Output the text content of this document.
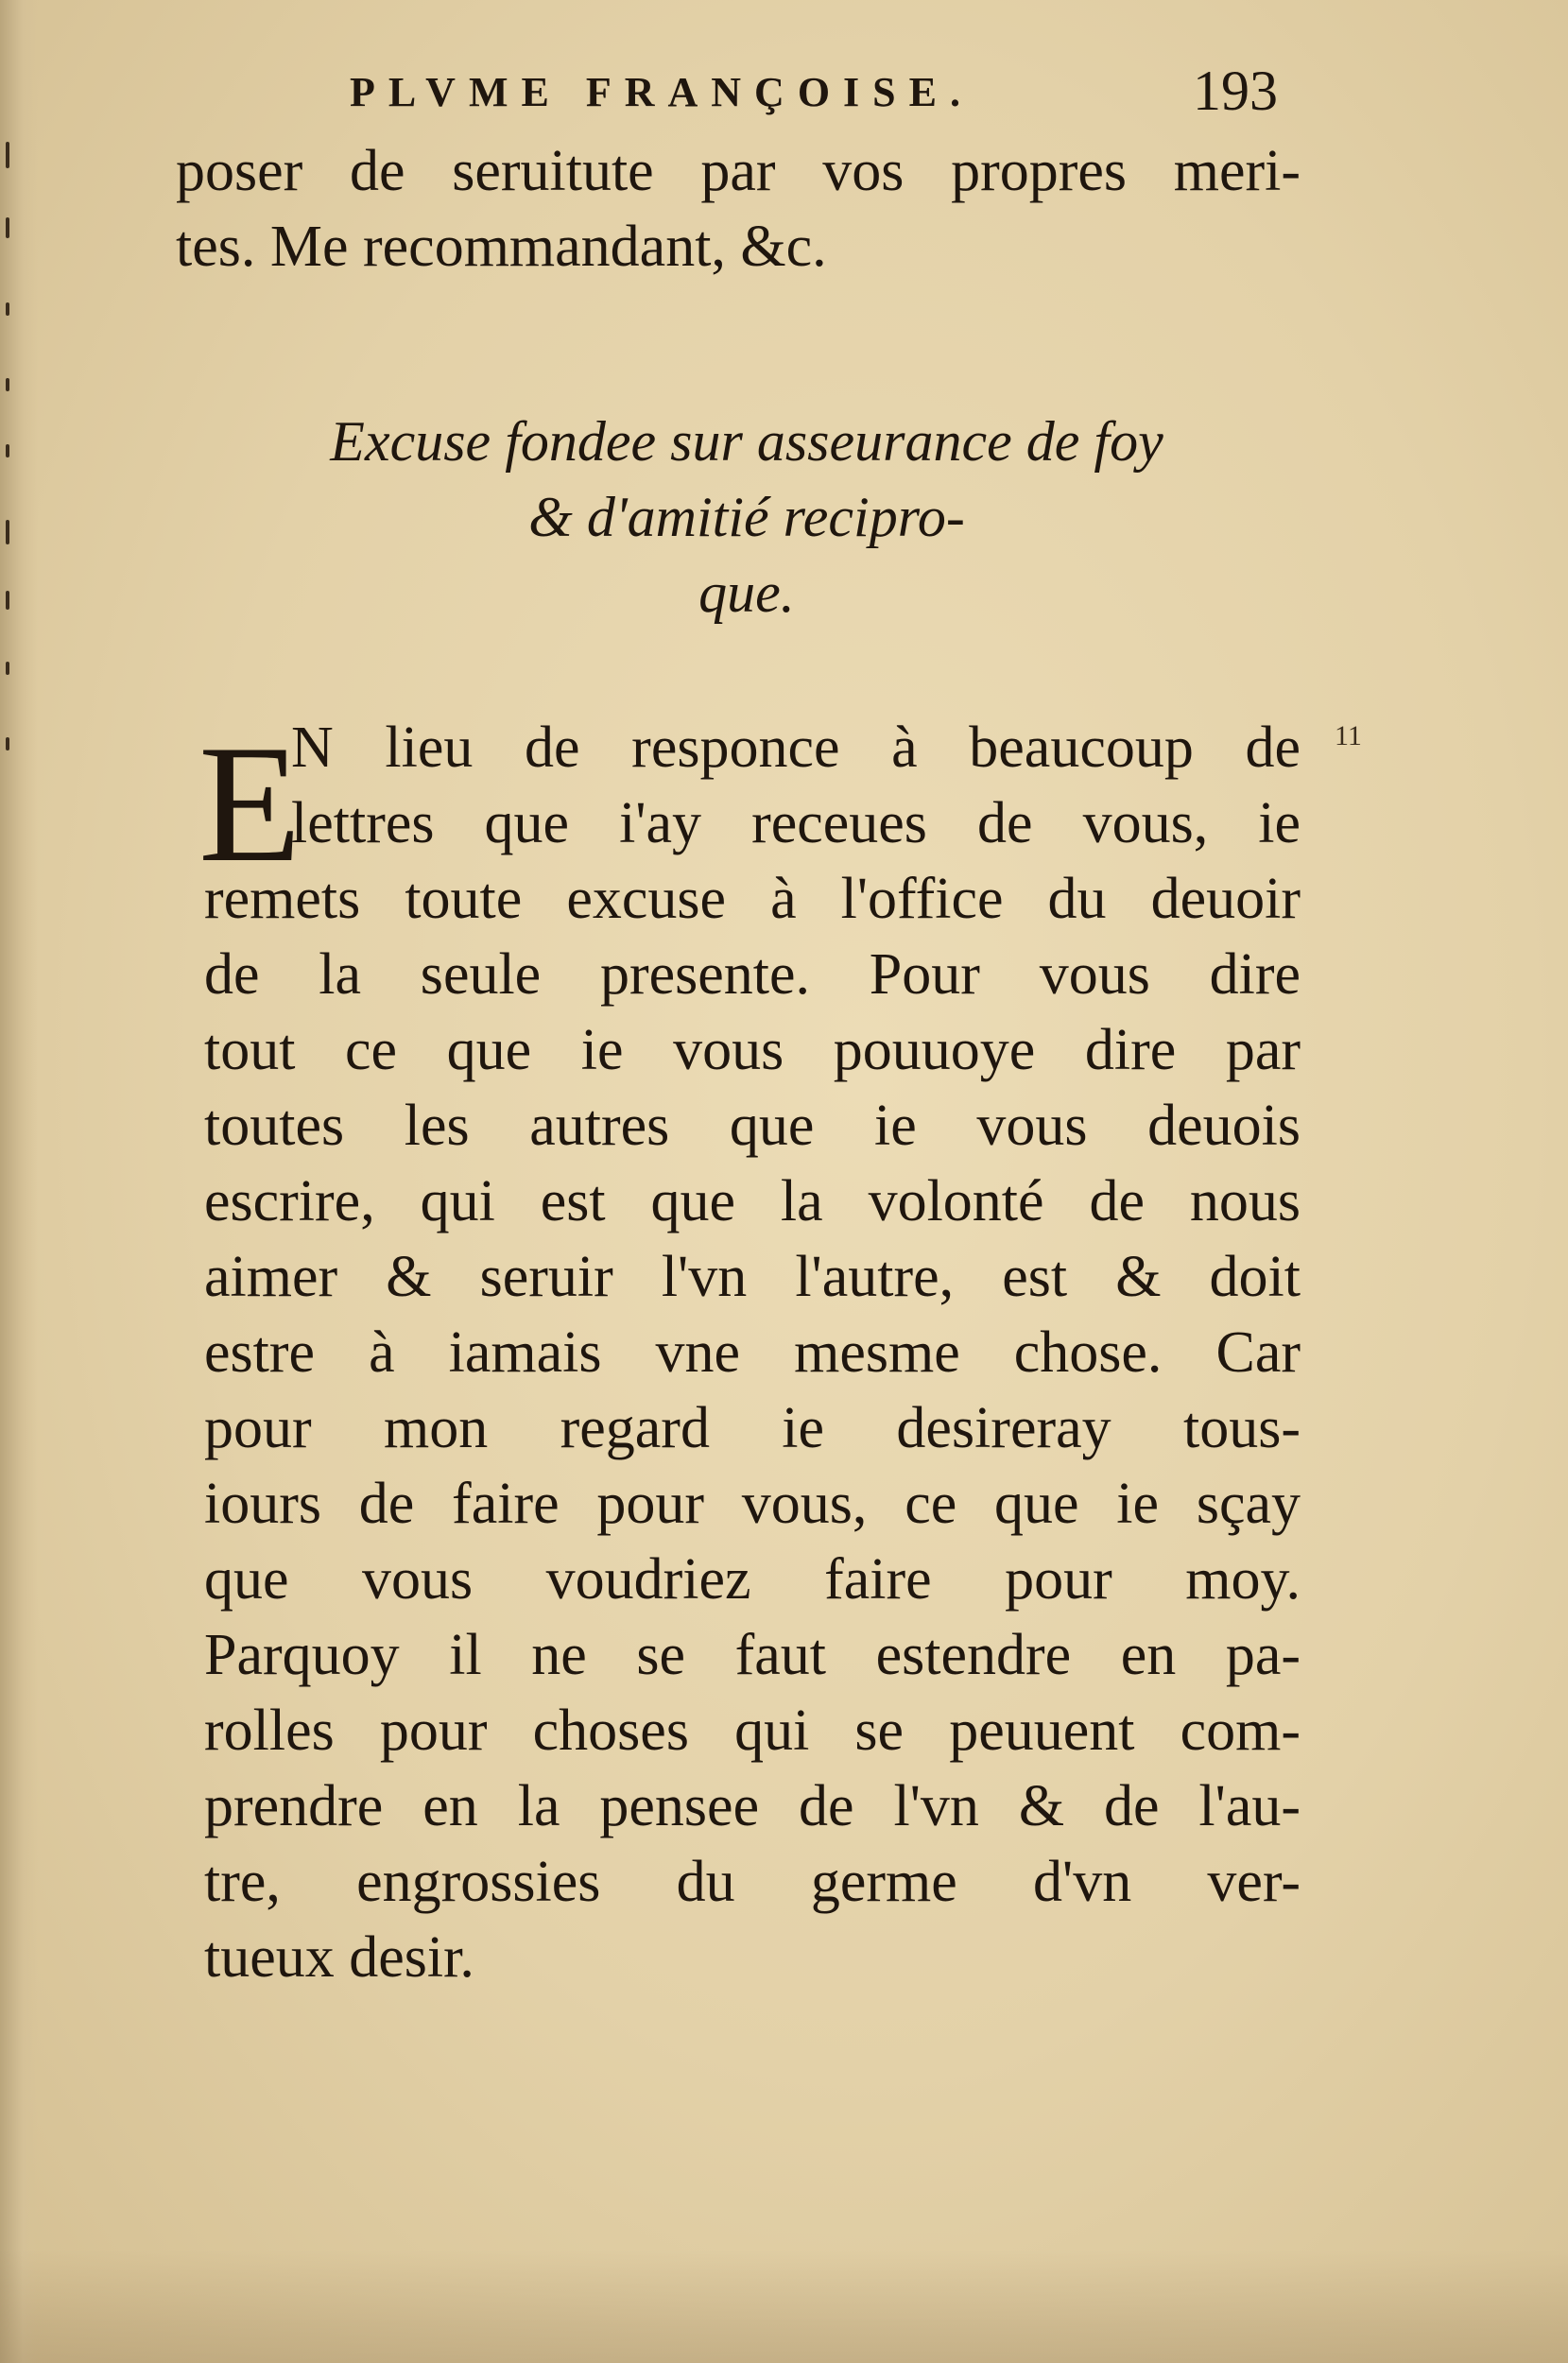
PLVME FRANÇOISE.	193
poser de seruitute par vos propres meri-
tes. Me recommandant, &c.
Excuse fondee sur asseurance de foy
& d'amitié recipro-
que.
11
E
N lieu de responce à beaucoup de
lettres que i'ay receues de vous, ie
remets toute excuse à l'office du deuoir
de la seule presente. Pour vous dire
tout ce que ie vous pouuoye dire par
toutes les autres que ie vous deuois
escrire, qui est que la volonté de nous
aimer & seruir l'vn l'autre, est & doit
estre à iamais vne mesme chose. Car
pour mon regard ie desireray tous-
iours de faire pour vous, ce que ie sçay
que vous voudriez faire pour moy.
Parquoy il ne se faut estendre en pa-
rolles pour choses qui se peuuent com-
prendre en la pensee de l'vn & de l'au-
tre, engrossies du germe d'vn ver-
tueux desir.
